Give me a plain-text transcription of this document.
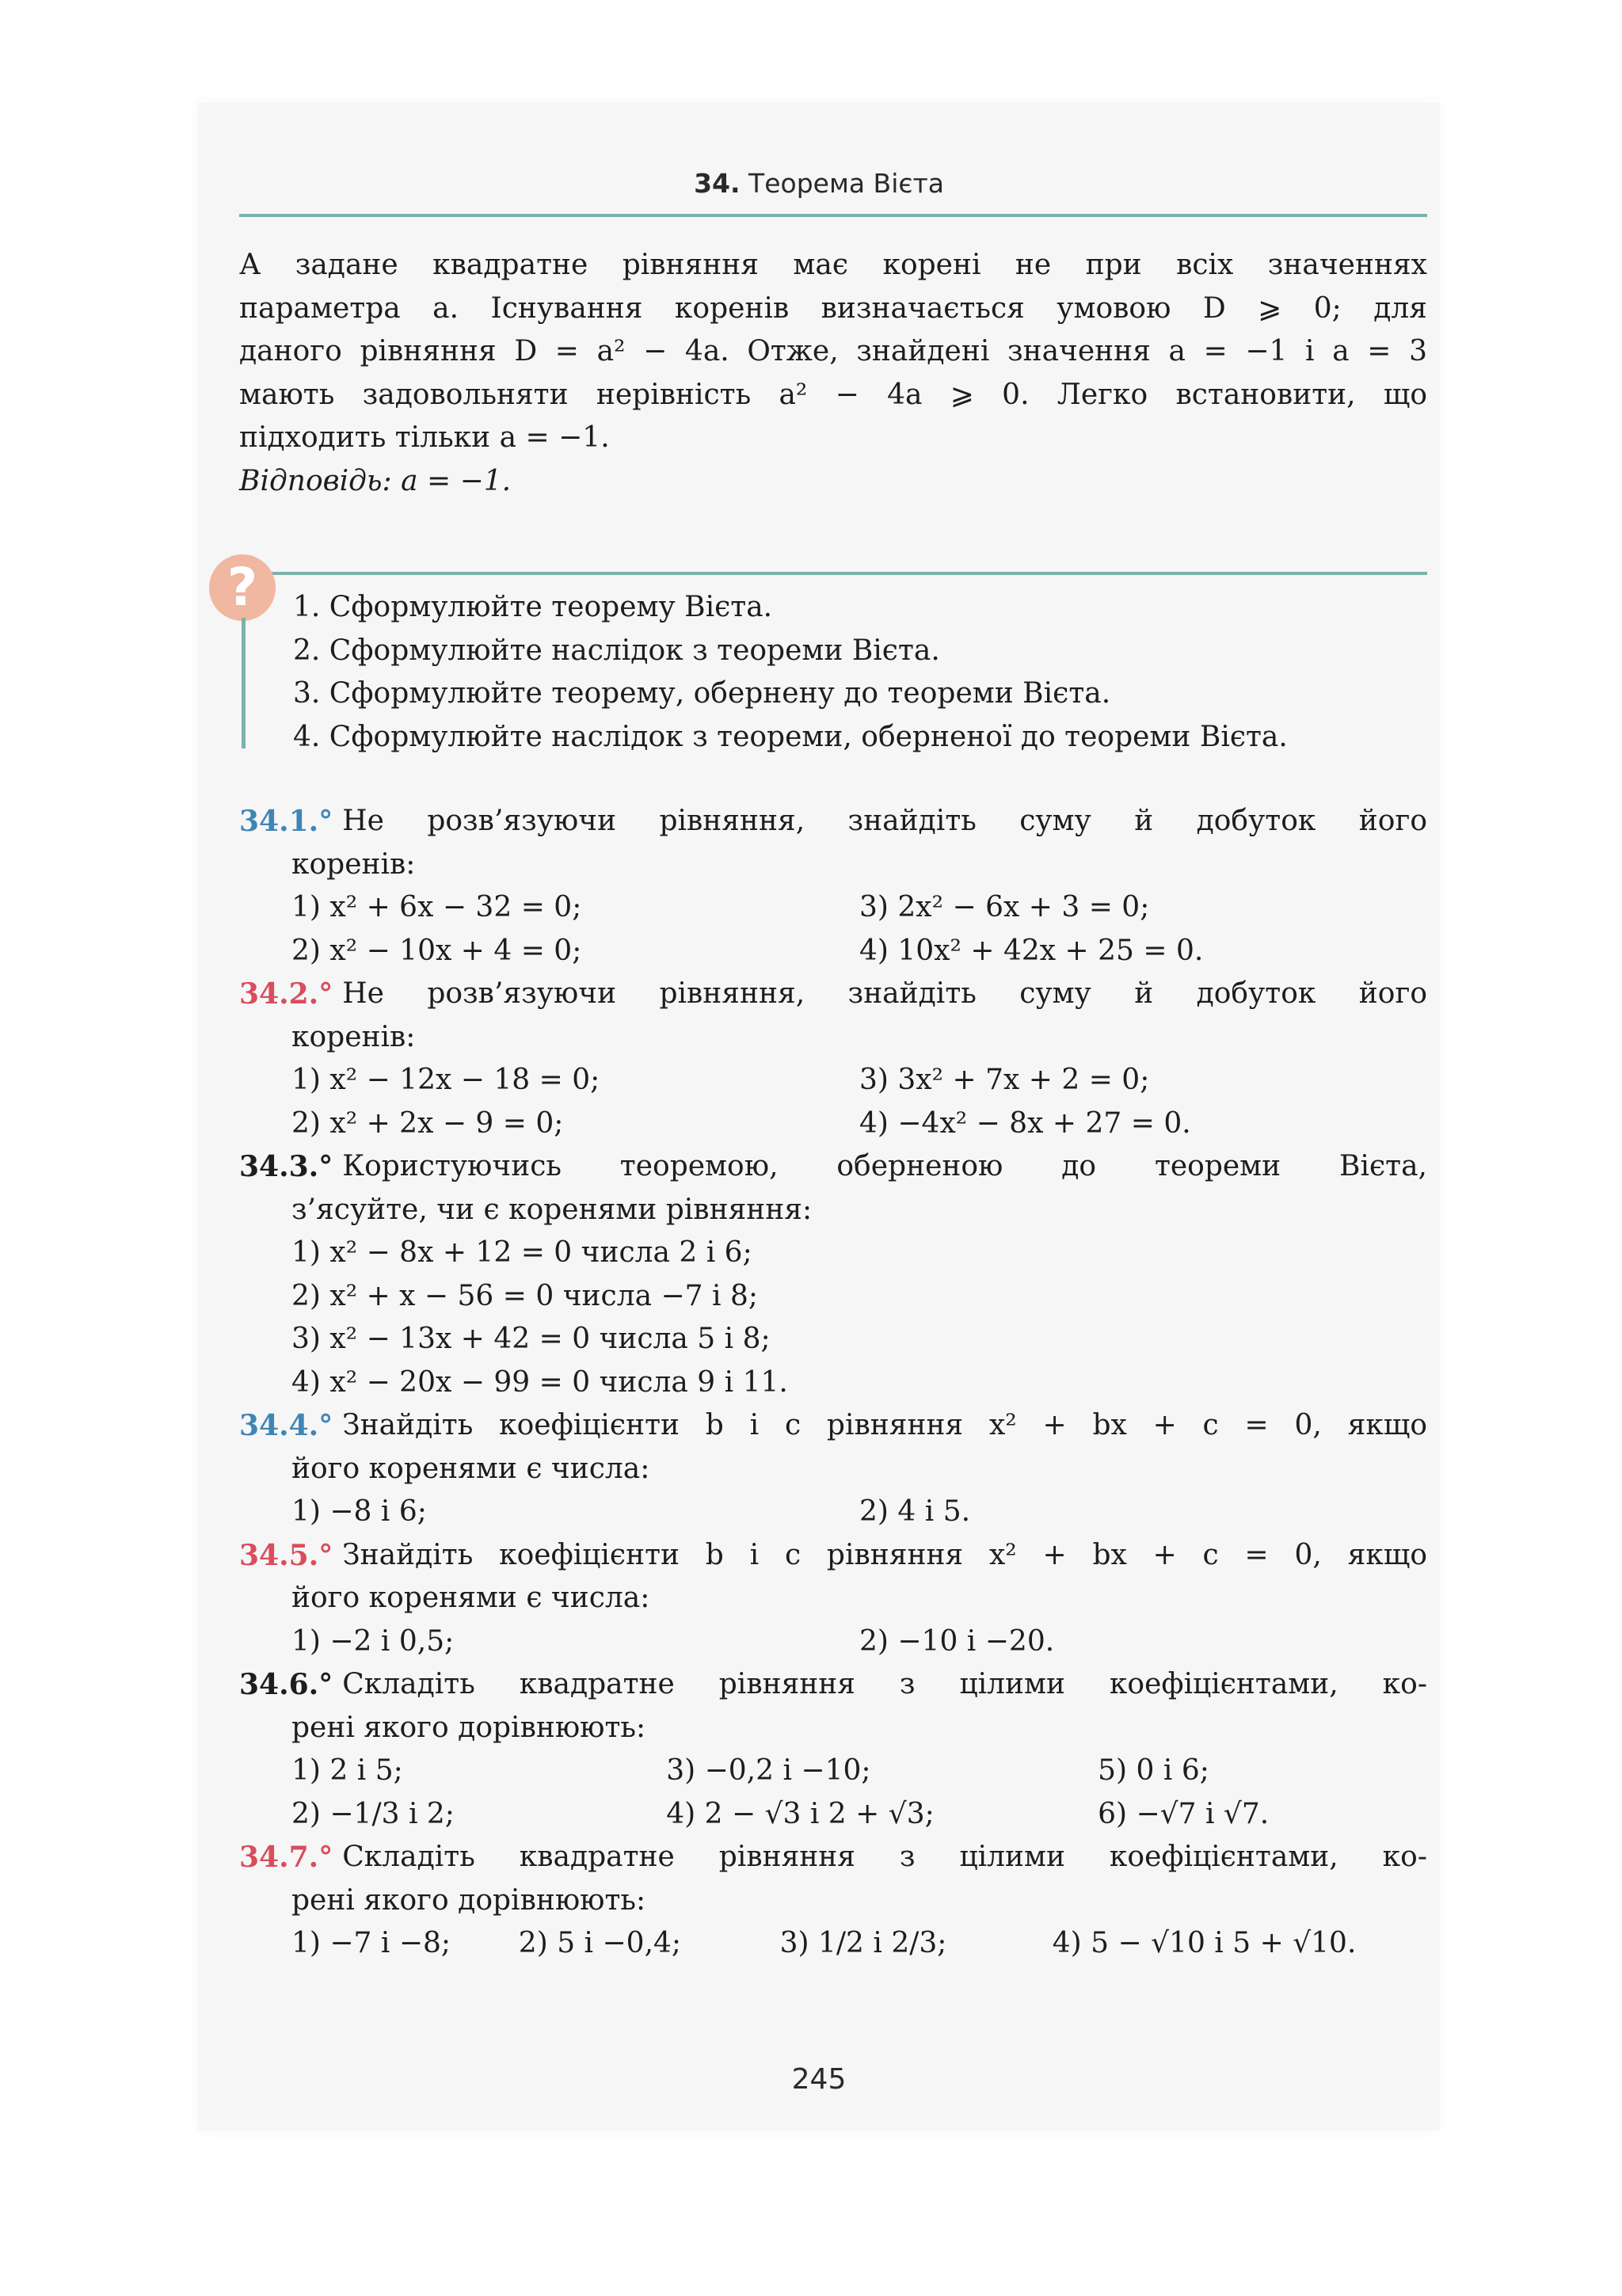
34. Теорема Вієта
А задане квадратне рівняння має корені не при всіх значеннях
параметра a. Існування коренів визначається умовою D ⩾ 0; для
даного рівняння D = a² − 4a. Отже, знайдені значення a = −1 і a = 3
мають задовольняти нерівність a² − 4a ⩾ 0. Легко встановити, що
підходить тільки a = −1.
Відповідь: a = −1.
?	1. Сформулюйте теорему Вієта.
2. Сформулюйте наслідок з теореми Вієта.
3. Сформулюйте теорему, обернену до теореми Вієта.
4. Сформулюйте наслідок з теореми, оберненої до теореми Вієта.
34.1.° Не розв’язуючи рівняння, знайдіть суму й добуток його
коренів:
1) x² + 6x − 32 = 0;	3) 2x² − 6x + 3 = 0;
2) x² − 10x + 4 = 0;	4) 10x² + 42x + 25 = 0.
34.2.° Не розв’язуючи рівняння, знайдіть суму й добуток його
коренів:
1) x² − 12x − 18 = 0;	3) 3x² + 7x + 2 = 0;
2) x² + 2x − 9 = 0;	4) −4x² − 8x + 27 = 0.
34.3.° Користуючись теоремою, оберненою до теореми Вієта,
з’ясуйте, чи є коренями рівняння:
1) x² − 8x + 12 = 0 числа 2 і 6;
2) x² + x − 56 = 0 числа −7 і 8;
3) x² − 13x + 42 = 0 числа 5 і 8;
4) x² − 20x − 99 = 0 числа 9 і 11.
34.4.° Знайдіть коефіцієнти b і c рівняння x² + bx + c = 0, якщо
його коренями є числа:
1) −8 і 6;	2) 4 і 5.
34.5.° Знайдіть коефіцієнти b і c рівняння x² + bx + c = 0, якщо
його коренями є числа:
1) −2 і 0,5;	2) −10 і −20.
34.6.° Складіть квадратне рівняння з цілими коефіцієнтами, ко-
рені якого дорівнюють:
1) 2 і 5;	3) −0,2 і −10;	5) 0 і 6;
2) −1/3 і 2;	4) 2 − √3 і 2 + √3;	6) −√7 і √7.
34.7.° Складіть квадратне рівняння з цілими коефіцієнтами, ко-
рені якого дорівнюють:
1) −7 і −8;	2) 5 і −0,4;	3) 1/2 і 2/3;	4) 5 − √10 і 5 + √10.
245
